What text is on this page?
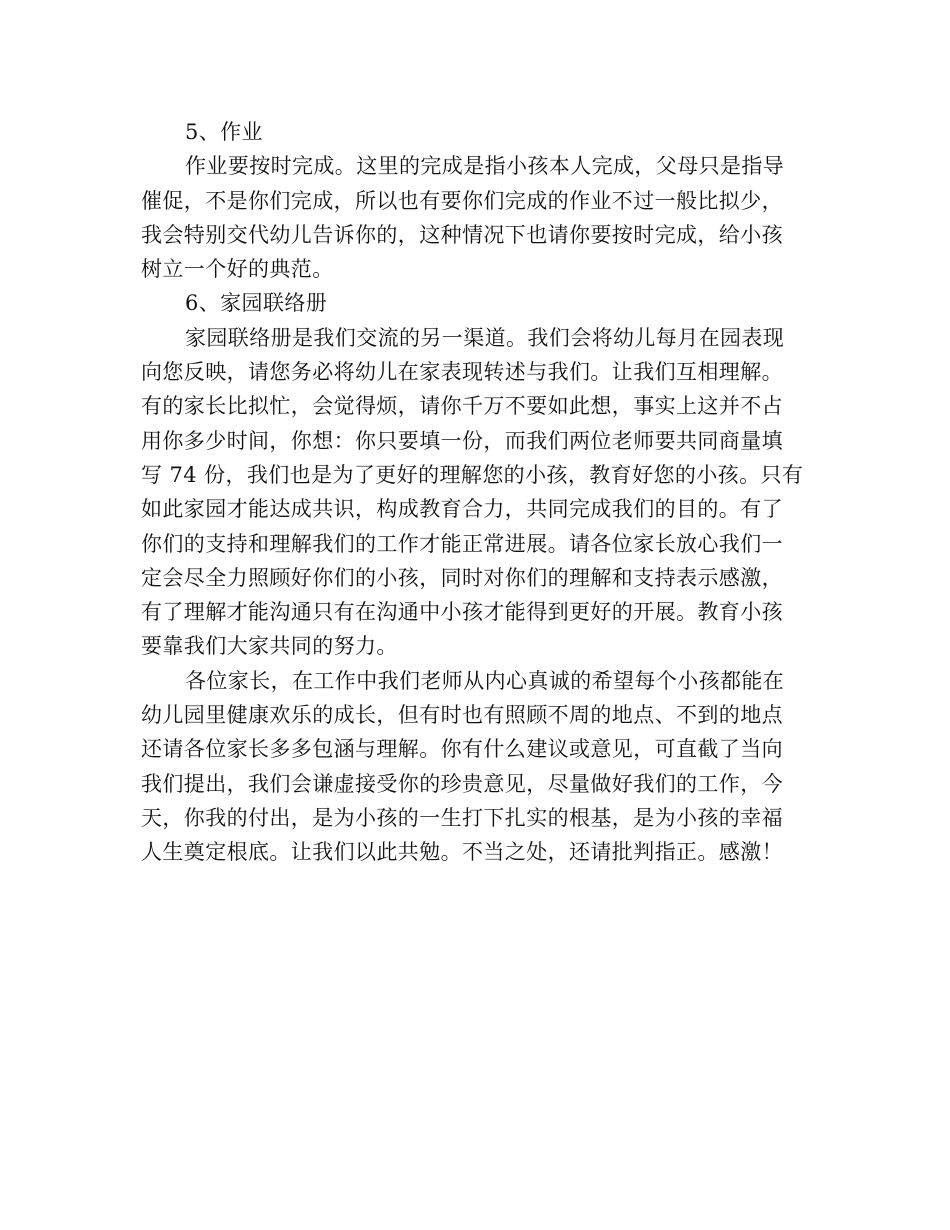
5、作业
作业要按时完成。这里的完成是指小孩本人完成，父母只是指导
催促，不是你们完成，所以也有要你们完成的作业不过一般比拟少，
我会特别交代幼儿告诉你的，这种情况下也请你要按时完成，给小孩
树立一个好的典范。
6、家园联络册
家园联络册是我们交流的另一渠道。我们会将幼儿每月在园表现
向您反映，请您务必将幼儿在家表现转述与我们。让我们互相理解。
有的家长比拟忙，会觉得烦，请你千万不要如此想，事实上这并不占
用你多少时间，你想：你只要填一份，而我们两位老师要共同商量填
写 74 份，我们也是为了更好的理解您的小孩，教育好您的小孩。只有
如此家园才能达成共识，构成教育合力，共同完成我们的目的。有了
你们的支持和理解我们的工作才能正常进展。请各位家长放心我们一
定会尽全力照顾好你们的小孩，同时对你们的理解和支持表示感激，
有了理解才能沟通只有在沟通中小孩才能得到更好的开展。教育小孩
要靠我们大家共同的努力。
各位家长，在工作中我们老师从内心真诚的希望每个小孩都能在
幼儿园里健康欢乐的成长，但有时也有照顾不周的地点、不到的地点
还请各位家长多多包涵与理解。你有什么建议或意见，可直截了当向
我们提出，我们会谦虚接受你的珍贵意见，尽量做好我们的工作，今
天，你我的付出，是为小孩的一生打下扎实的根基，是为小孩的幸福
人生奠定根底。让我们以此共勉。不当之处，还请批判指正。感激！
